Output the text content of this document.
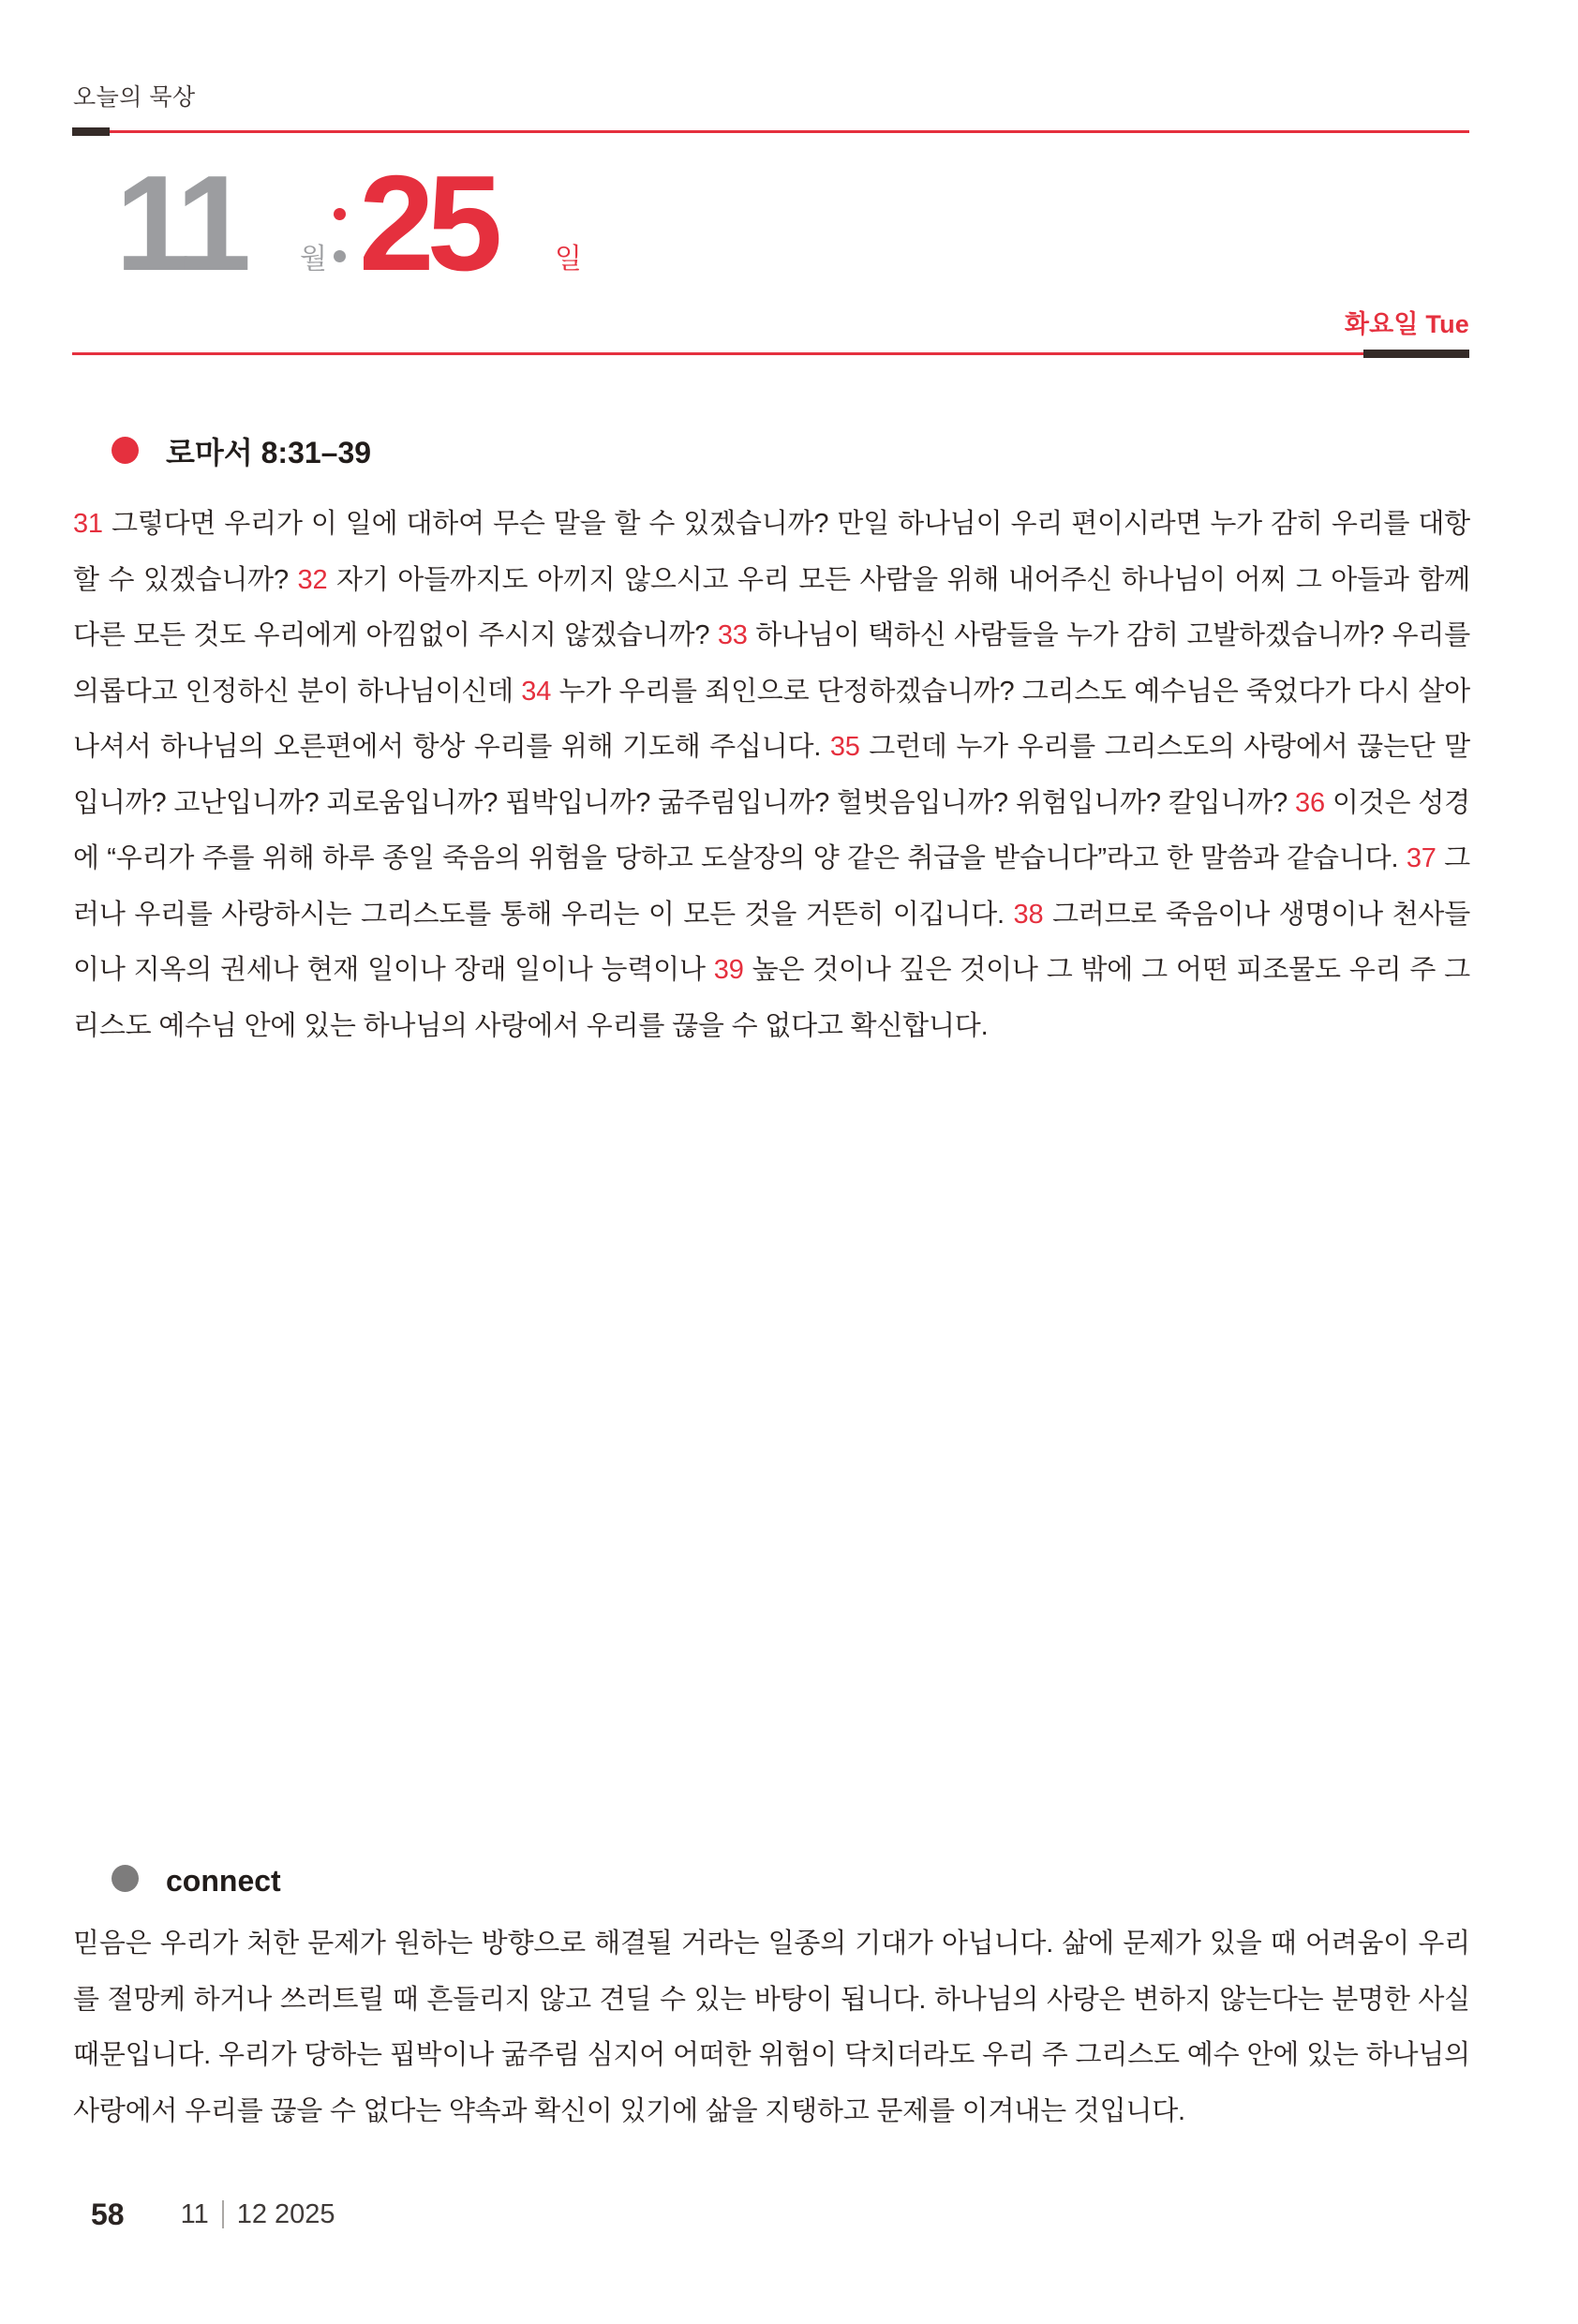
오늘의 묵상
11 월 25 일
화요일 Tue
로마서 8:31–39

31 그렇다면 우리가 이 일에 대하여 무슨 말을 할 수 있겠습니까? 만일 하나님이 우리 편이시라면 누가 감히 우리를 대항할 수 있겠습니까? 32 자기 아들까지도 아끼지 않으시고 우리 모든 사람을 위해 내어주신 하나님이 어찌 그 아들과 함께 다른 모든 것도 우리에게 아낌없이 주시지 않겠습니까? 33 하나님이 택하신 사람들을 누가 감히 고발하겠습니까? 우리를 의롭다고 인정하신 분이 하나님이신데 34 누가 우리를 죄인으로 단정하겠습니까? 그리스도 예수님은 죽었다가 다시 살아나셔서 하나님의 오른편에서 항상 우리를 위해 기도해 주십니다. 35 그런데 누가 우리를 그리스도의 사랑에서 끊는단 말입니까? 고난입니까? 괴로움입니까? 핍박입니까? 굶주림입니까? 헐벗음입니까? 위험입니까? 칼입니까? 36 이것은 성경에 “우리가 주를 위해 하루 종일 죽음의 위험을 당하고 도살장의 양 같은 취급을 받습니다”라고 한 말씀과 같습니다. 37 그러나 우리를 사랑하시는 그리스도를 통해 우리는 이 모든 것을 거뜬히 이깁니다. 38 그러므로 죽음이나 생명이나 천사들이나 지옥의 권세나 현재 일이나 장래 일이나 능력이나 39 높은 것이나 깊은 것이나 그 밖에 그 어떤 피조물도 우리 주 그리스도 예수님 안에 있는 하나님의 사랑에서 우리를 끊을 수 없다고 확신합니다.

connect

믿음은 우리가 처한 문제가 원하는 방향으로 해결될 거라는 일종의 기대가 아닙니다. 삶에 문제가 있을 때 어려움이 우리를 절망케 하거나 쓰러트릴 때 흔들리지 않고 견딜 수 있는 바탕이 됩니다. 하나님의 사랑은 변하지 않는다는 분명한 사실 때문입니다. 우리가 당하는 핍박이나 굶주림 심지어 어떠한 위험이 닥치더라도 우리 주 그리스도 예수 안에 있는 하나님의 사랑에서 우리를 끊을 수 없다는 약속과 확신이 있기에 삶을 지탱하고 문제를 이겨내는 것입니다.

58 11 12 2025
